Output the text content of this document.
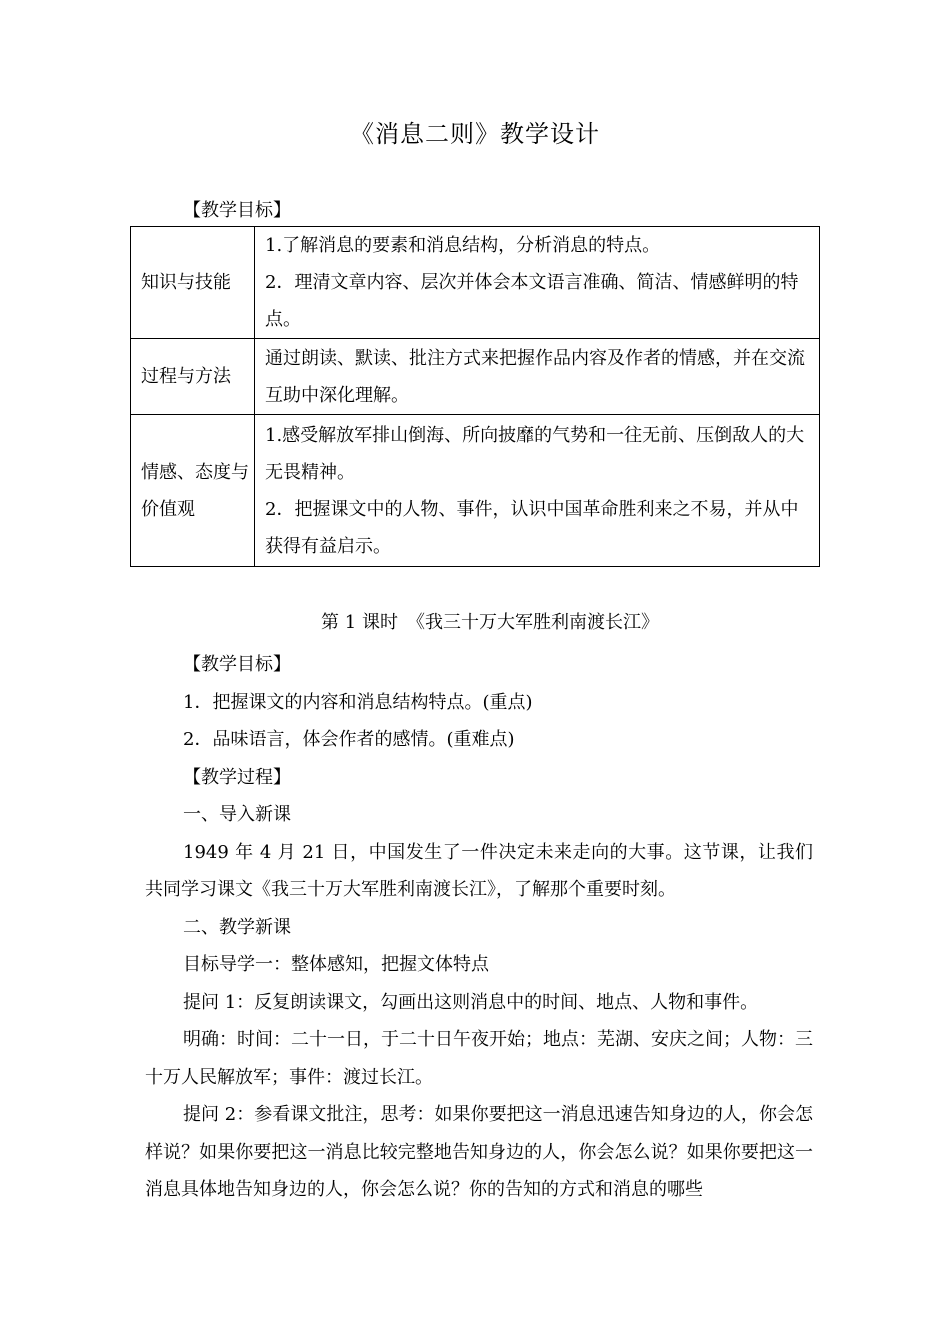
《消息二则》教学设计
【教学目标】
知识与技能	1.了解消息的要素和消息结构，分析消息的特点。

2．理清文章内容、层次并体会本文语言准确、简洁、情感鲜明的特点。

过程与方法	通过朗读、默读、批注方式来把握作品内容及作者的情感，并在交流互助中深化理解。

情感、态度与价值观	1.感受解放军排山倒海、所向披靡的气势和一往无前、压倒敌人的大无畏精神。

2．把握课文中的人物、事件，认识中国革命胜利来之不易，并从中获得有益启示。

第 1 课时　《我三十万大军胜利南渡长江》

【教学目标】

1．把握课文的内容和消息结构特点。(重点)

2．品味语言，体会作者的感情。(重难点)

【教学过程】

一、导入新课

1949 年 4 月 21 日，中国发生了一件决定未来走向的大事。这节课，让我们共同学习课文《我三十万大军胜利南渡长江》，了解那个重要时刻。

二、教学新课

目标导学一：整体感知，把握文体特点

提问 1：反复朗读课文，勾画出这则消息中的时间、地点、人物和事件。

明确：时间：二十一日，于二十日午夜开始；地点：芜湖、安庆之间；人物：三十万人民解放军；事件：渡过长江。

提问 2：参看课文批注，思考：如果你要把这一消息迅速告知身边的人，你会怎样说？如果你要把这一消息比较完整地告知身边的人，你会怎么说？如果你要把这一消息具体地告知身边的人，你会怎么说？你的告知的方式和消息的哪些
